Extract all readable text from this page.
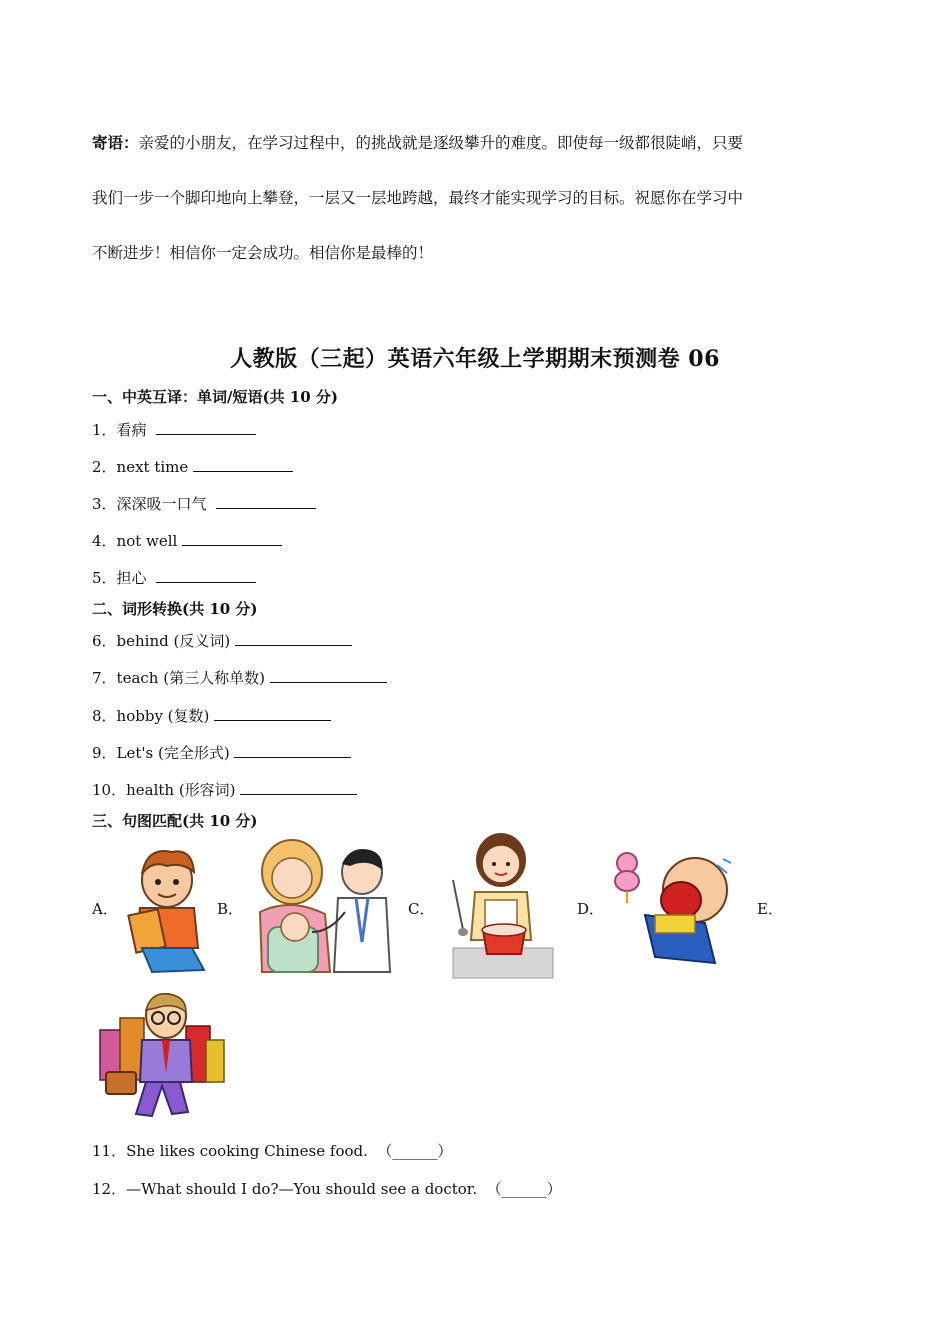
寄语：亲爱的小朋友，在学习过程中，的挑战就是逐级攀升的难度。即使每一级都很陡峭，只要
我们一步一个脚印地向上攀登，一层又一层地跨越，最终才能实现学习的目标。祝愿你在学习中
不断进步！相信你一定会成功。相信你是最棒的！
人教版（三起）英语六年级上学期期末预测卷 06
一、中英互译：单词/短语(共 10 分)
1．看病
2．next time
3．深深吸一口气
4．not well
5．担心
二、词形转换(共 10 分)
6．behind (反义词)
7．teach (第三人称单数)
8．hobby (复数)
9．Let's (完全形式)
10．health (形容词)
三、句图匹配(共 10 分)
A．	B．	C．	D．	E．
11．She likes cooking Chinese food.  （______）
12．—What should I do?—You should see a doctor.  （______）
